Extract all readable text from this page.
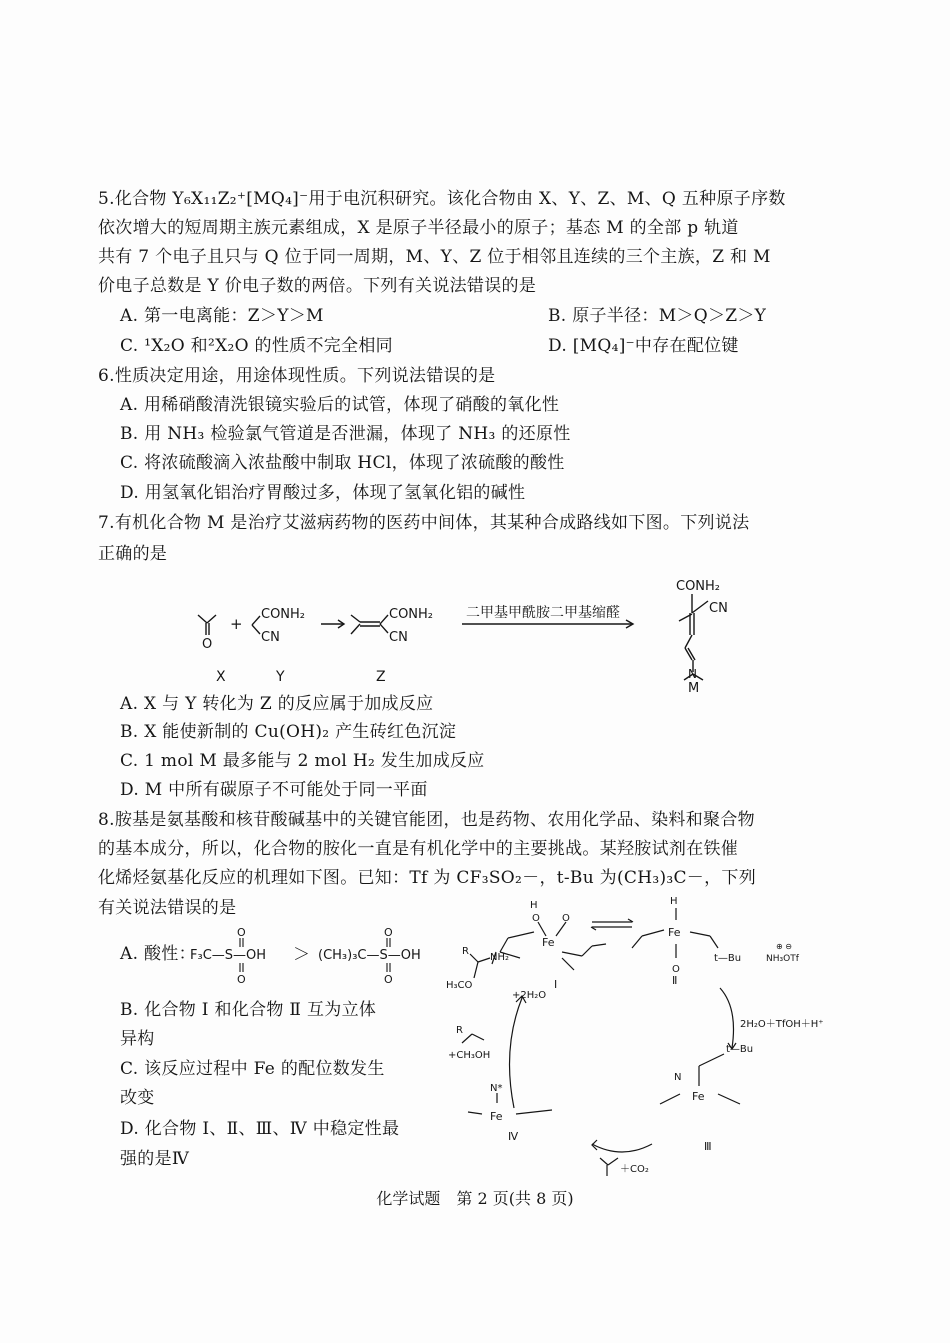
5.化合物 Y₆X₁₁Z₂⁺[MQ₄]⁻用于电沉积研究。该化合物由 X、Y、Z、M、Q 五种原子序数
依次增大的短周期主族元素组成，X 是原子半径最小的原子；基态 M 的全部 p 轨道
共有 7 个电子且只与 Q 位于同一周期，M、Y、Z 位于相邻且连续的三个主族，Z 和 M
价电子总数是 Y 价电子数的两倍。下列有关说法错误的是
A. 第一电离能：Z＞Y＞M	B. 原子半径：M＞Q＞Z＞Y
C. ¹X₂O 和²X₂O 的性质不完全相同	D. [MQ₄]⁻中存在配位键
6.性质决定用途，用途体现性质。下列说法错误的是
A. 用稀硝酸清洗银镜实验后的试管，体现了硝酸的氧化性
B. 用 NH₃ 检验氯气管道是否泄漏，体现了 NH₃ 的还原性
C. 将浓硫酸滴入浓盐酸中制取 HCl，体现了浓硫酸的酸性
D. 用氢氧化铝治疗胃酸过多，体现了氢氧化铝的碱性
7.有机化合物 M 是治疗艾滋病药物的医药中间体，其某种合成路线如下图。下列说法
正确的是
O
+
CONH₂
CN
CONH₂
CN
二甲基甲酰胺二甲基缩醛
CONH₂
CN
N
X	Y	Z
M
A. X 与 Y 转化为 Z 的反应属于加成反应
B. X 能使新制的 Cu(OH)₂ 产生砖红色沉淀
C. 1 mol M 最多能与 2 mol H₂ 发生加成反应
D. M 中所有碳原子不可能处于同一平面
8.胺基是氨基酸和核苷酸碱基中的关键官能团，也是药物、农用化学品、染料和聚合物
的基本成分，所以，化合物的胺化一直是有机化学中的主要挑战。某羟胺试剂在铁催
化烯烃氨基化反应的机理如下图。已知：Tf 为 CF₃SO₂－，t-Bu 为(CH₃)₃C－，下列
有关说法错误的是
A. 酸性：
F₃C—S—OH ＞ (CH₃)₃C—S—OH
O
O
O
O
B. 化合物 Ⅰ 和化合物 Ⅱ 互为立体
异构
C. 该反应过程中 Fe 的配位数发生
改变
D. 化合物 Ⅰ、Ⅱ、Ⅲ、Ⅳ 中稳定性最
强的是Ⅳ
Fe
H
O O
Ⅰ
Fe
H
O
Ⅱ
t—Bu
⊕ ⊖
NH₃OTf
2H₂O＋TfOH＋H⁺
t—Bu
Fe
N
Ⅲ
N*
Fe
Ⅳ
+2H₂O
R
+CH₃OH
R
NH₂
H₃CO
＋CO₂
化学试题　第 2 页(共 8 页)
